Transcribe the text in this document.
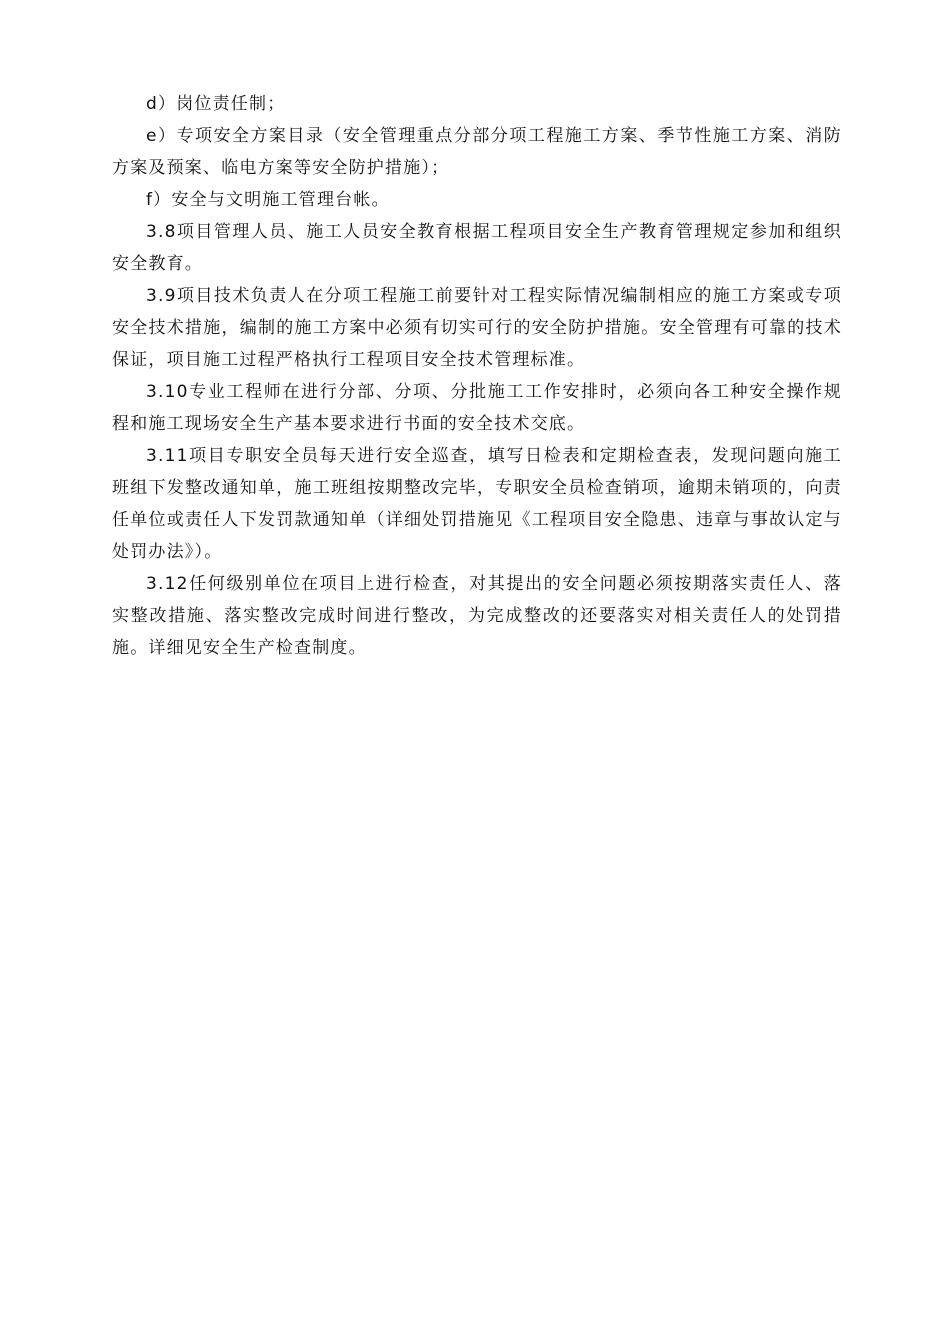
d）岗位责任制；

e）专项安全方案目录（安全管理重点分部分项工程施工方案、季节性施工方案、消防方案及预案、临电方案等安全防护措施）；

f）安全与文明施工管理台帐。

3.8项目管理人员、施工人员安全教育根据工程项目安全生产教育管理规定参加和组织安全教育。

3.9项目技术负责人在分项工程施工前要针对工程实际情况编制相应的施工方案或专项安全技术措施，编制的施工方案中必须有切实可行的安全防护措施。安全管理有可靠的技术保证，项目施工过程严格执行工程项目安全技术管理标准。

3.10专业工程师在进行分部、分项、分批施工工作安排时，必须向各工种安全操作规程和施工现场安全生产基本要求进行书面的安全技术交底。

3.11项目专职安全员每天进行安全巡查，填写日检表和定期检查表，发现问题向施工班组下发整改通知单，施工班组按期整改完毕，专职安全员检查销项，逾期未销项的，向责任单位或责任人下发罚款通知单（详细处罚措施见《工程项目安全隐患、违章与事故认定与处罚办法》）。

3.12任何级别单位在项目上进行检查，对其提出的安全问题必须按期落实责任人、落实整改措施、落实整改完成时间进行整改，为完成整改的还要落实对相关责任人的处罚措施。详细见安全生产检查制度。
